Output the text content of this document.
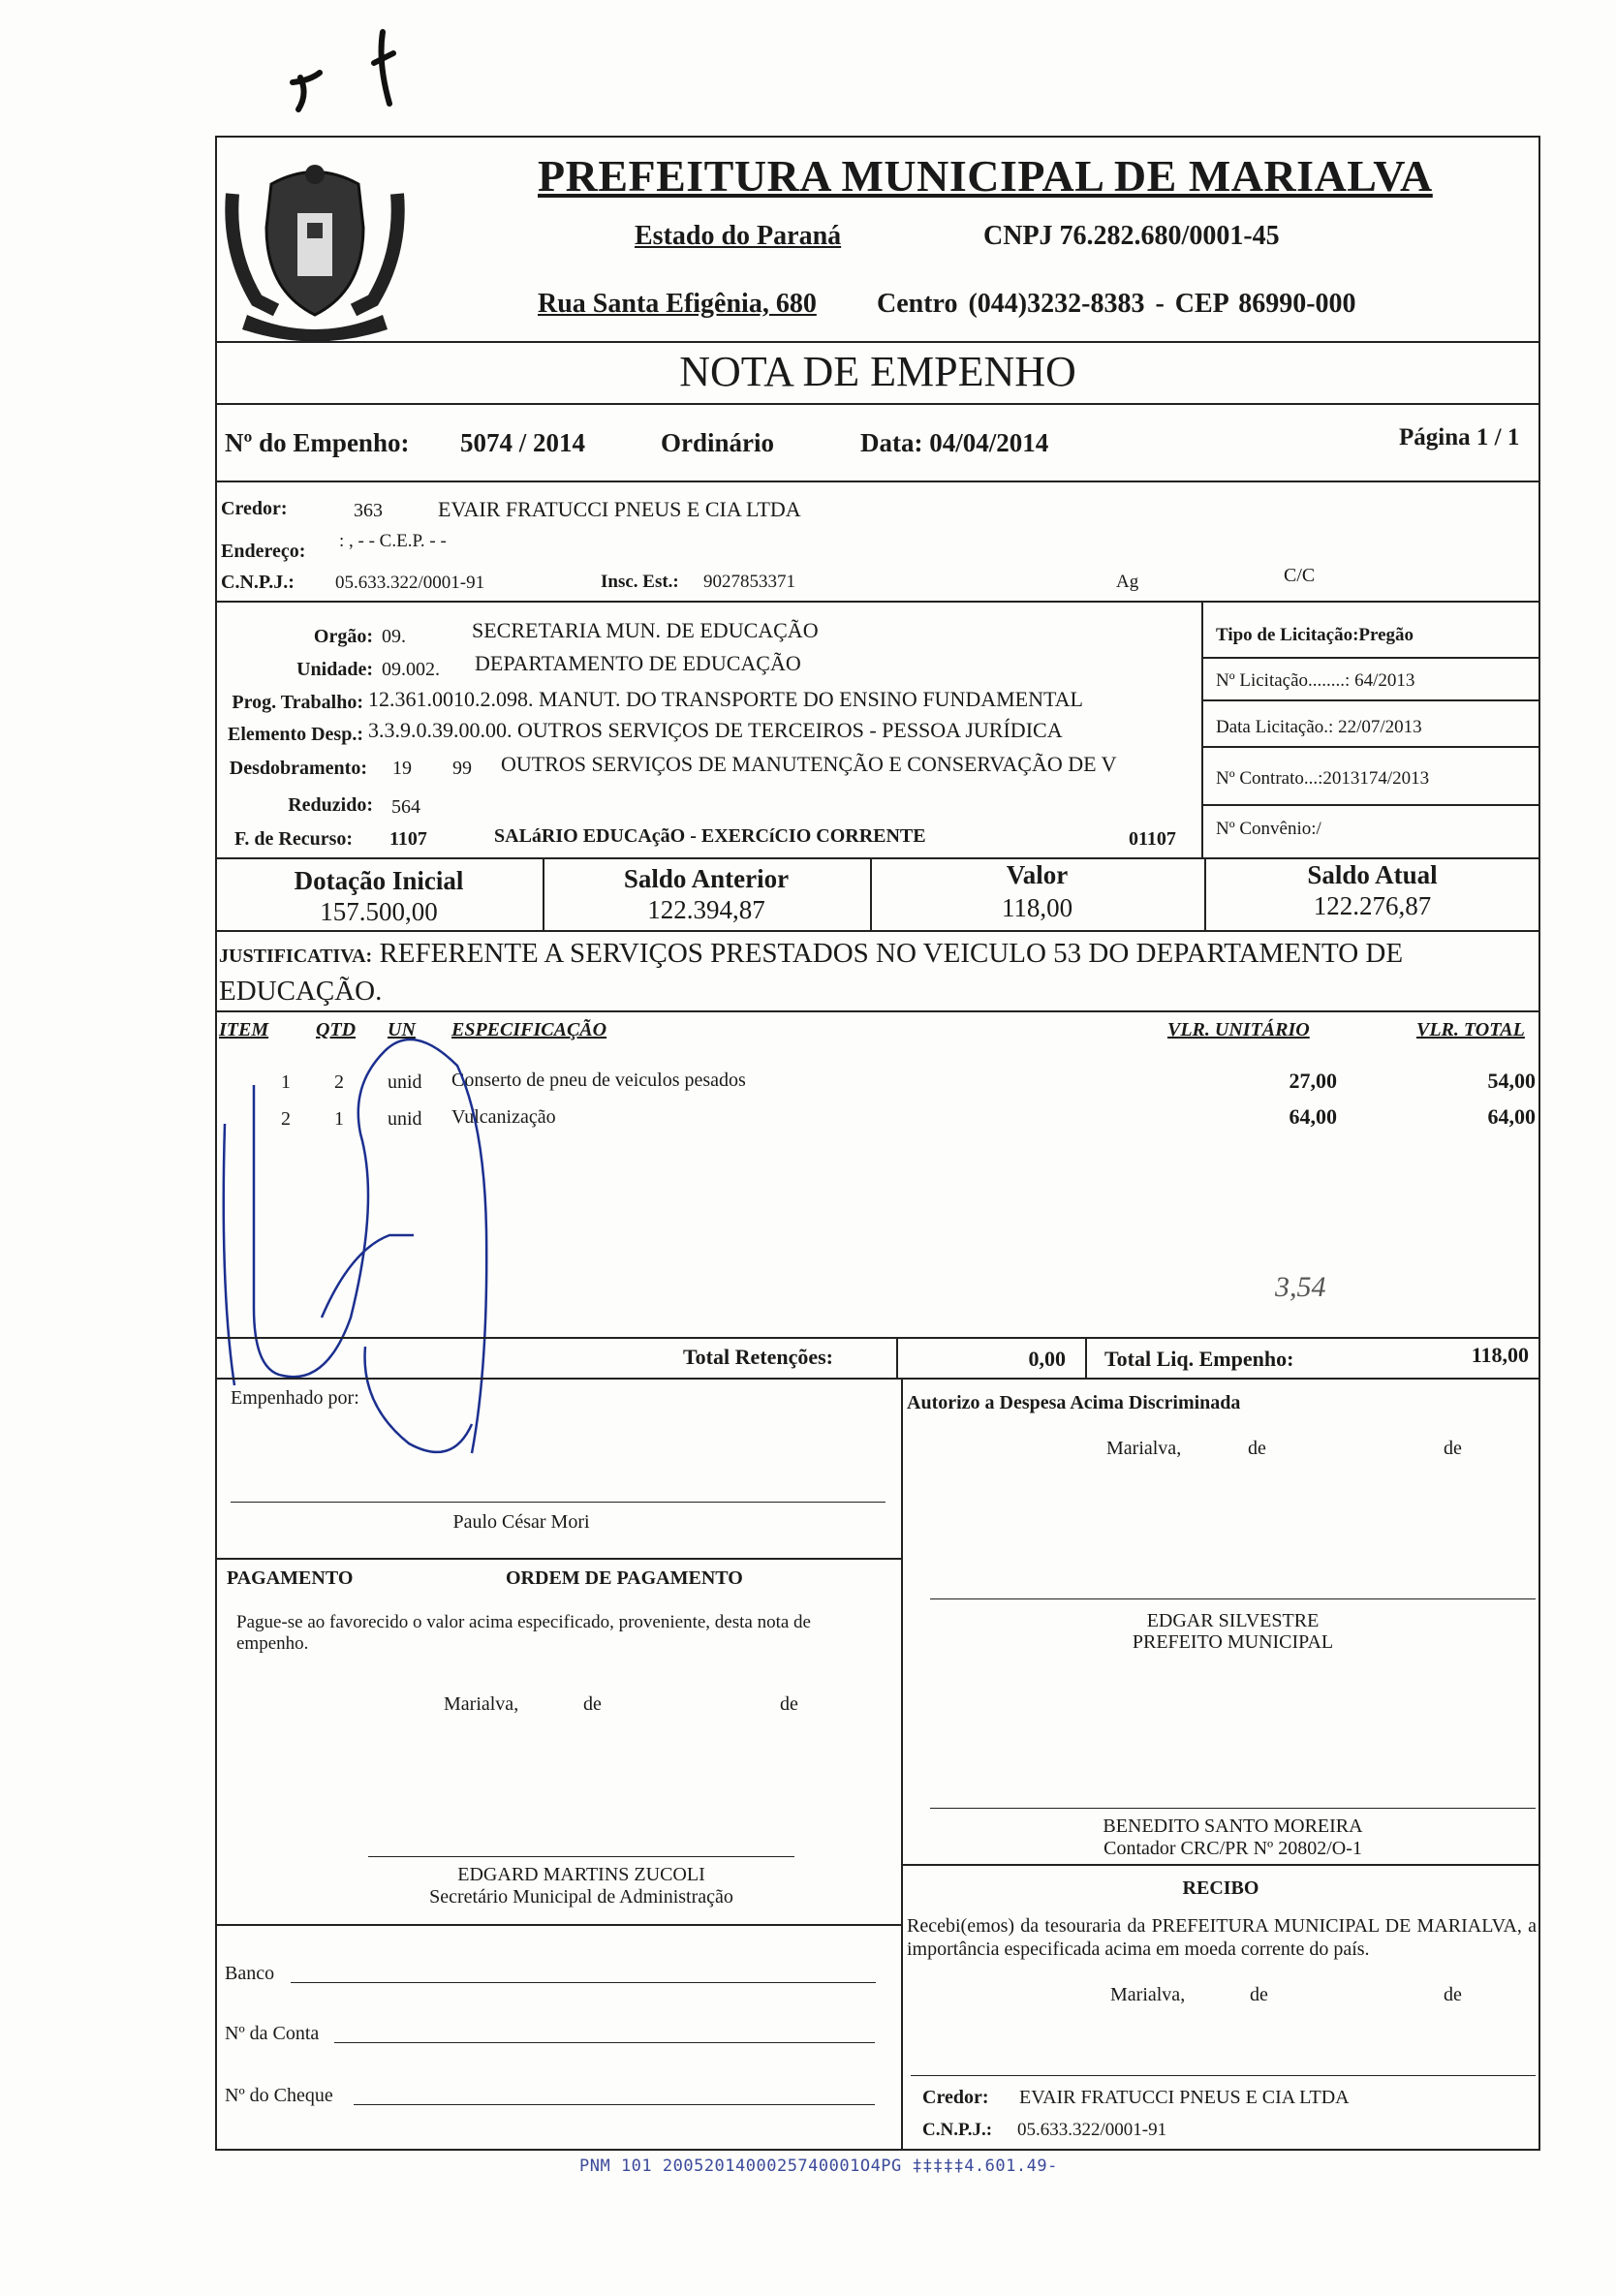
PREFEITURA MUNICIPAL DE MARIALVA
Estado do Paraná	CNPJ 76.282.680/0001-45
Rua Santa Efigênia, 680 Centro (044)3232-8383 - CEP 86990-000
NOTA DE EMPENHO
Nº do Empenho: 5074 / 2014	Ordinário	Data: 04/04/2014	Página 1 / 1
Credor:	363	EVAIR FRATUCCI PNEUS E CIA LTDA
Endereço: : , - - C.E.P. - -
C.N.P.J.: 05.633.322/0001-91	Insc. Est.: 9027853371	Ag	C/C
Orgão: 09.	SECRETARIA MUN. DE EDUCAÇÃO
Unidade: 09.002. DEPARTAMENTO DE EDUCAÇÃO
Prog. Trabalho: 12.361.0010.2.098. MANUT. DO TRANSPORTE DO ENSINO FUNDAMENTAL
Elemento Desp.: 3.3.9.0.39.00.00. OUTROS SERVIÇOS DE TERCEIROS - PESSOA JURÍDICA
Desdobramento: 19 99 OUTROS SERVIÇOS DE MANUTENÇÃO E CONSERVAÇÃO DE V
Reduzido: 564
F. de Recurso: 1107	SALáRIO EDUCAçãO - EXERCíCIO CORRENTE	01107
Tipo de Licitação:Pregão
Nº Licitação........: 64/2013
Data Licitação.: 22/07/2013
Nº Contrato...:2013174/2013
Nº Convênio:/
Dotação Inicial
157.500,00
Saldo Anterior
122.394,87
Valor
118,00
Saldo Atual
122.276,87
JUSTIFICATIVA: REFERENTE A SERVIÇOS PRESTADOS NO VEICULO 53 DO DEPARTAMENTO DE
EDUCAÇÃO.
ITEM QTD UN ESPECIFICAÇÃO	VLR. UNITÁRIO	VLR. TOTAL
1	2 unid Conserto de pneu de veiculos pesados	27,00	54,00
2	1 unid Vulcanização	64,00	64,00
3,54
Total Retenções:	0,00 Total Liq. Empenho:	118,00
Empenhado por:
Paulo César Mori
Autorizo a Despesa Acima Discriminada
Marialva,	de	de
EDGAR SILVESTRE
PREFEITO MUNICIPAL
PAGAMENTO	ORDEM DE PAGAMENTO
Pague-se ao favorecido o valor acima especificado, proveniente, desta nota de empenho.
Marialva,	de	de
EDGARD MARTINS ZUCOLI
Secretário Municipal de Administração
BENEDITO SANTO MOREIRA
Contador CRC/PR Nº 20802/O-1
RECIBO
Recebi(emos) da tesouraria da PREFEITURA MUNICIPAL DE MARIALVA, a importância especificada acima em moeda corrente do país.
Marialva,	de	de
Credor: EVAIR FRATUCCI PNEUS E CIA LTDA
C.N.P.J.: 05.633.322/0001-91
Banco
Nº da Conta
Nº do Cheque
PNM 101 2005201400025740001O4PG ‡‡‡‡‡4.601.49-
